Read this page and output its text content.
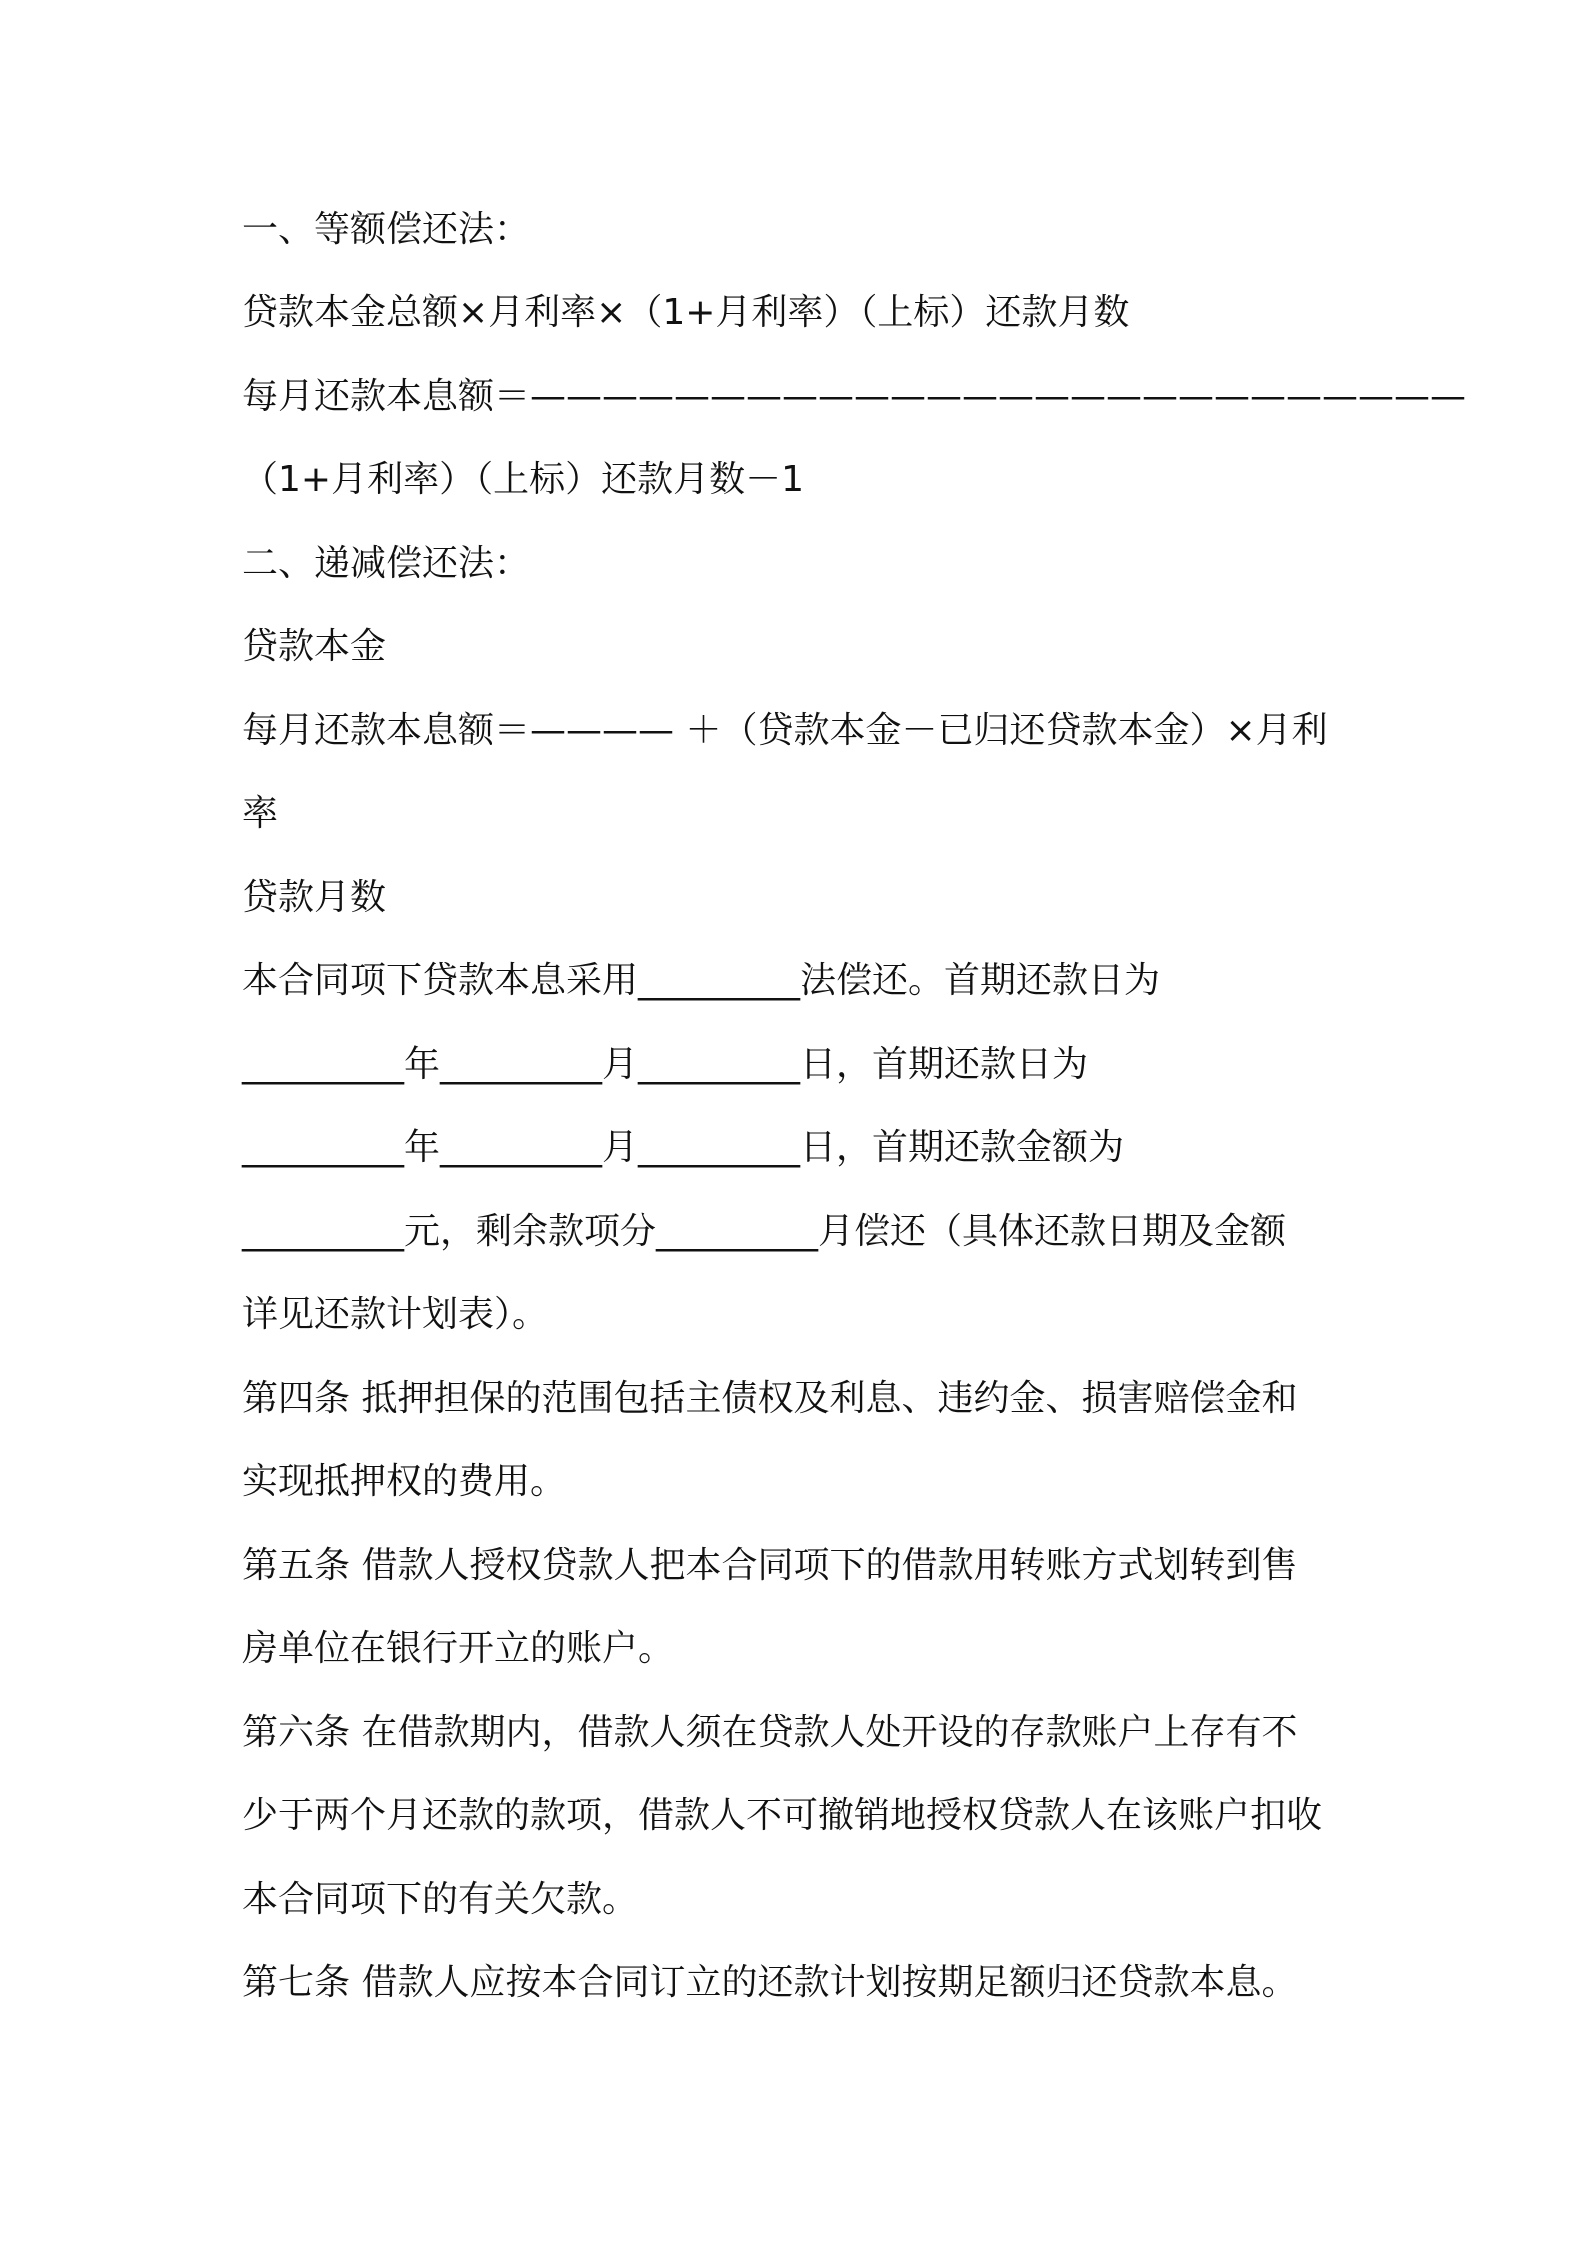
一、等额偿还法：
贷款本金总额×月利率×（1+月利率）（上标）还款月数
每月还款本息额＝——————————————————————————
（1+月利率）（上标）还款月数－1
二、递减偿还法：
贷款本金
每月还款本息额＝———— ＋（贷款本金－已归还贷款本金）×月利
率
贷款月数
本合同项下贷款本息采用_________法偿还。首期还款日为
_________年_________月_________日，首期还款日为
_________年_________月_________日，首期还款金额为
_________元，剩余款项分_________月偿还（具体还款日期及金额
详见还款计划表）。
第四条 抵押担保的范围包括主债权及利息、违约金、损害赔偿金和
实现抵押权的费用。
第五条 借款人授权贷款人把本合同项下的借款用转账方式划转到售
房单位在银行开立的账户。
第六条 在借款期内，借款人须在贷款人处开设的存款账户上存有不
少于两个月还款的款项，借款人不可撤销地授权贷款人在该账户扣收
本合同项下的有关欠款。
第七条 借款人应按本合同订立的还款计划按期足额归还贷款本息。
